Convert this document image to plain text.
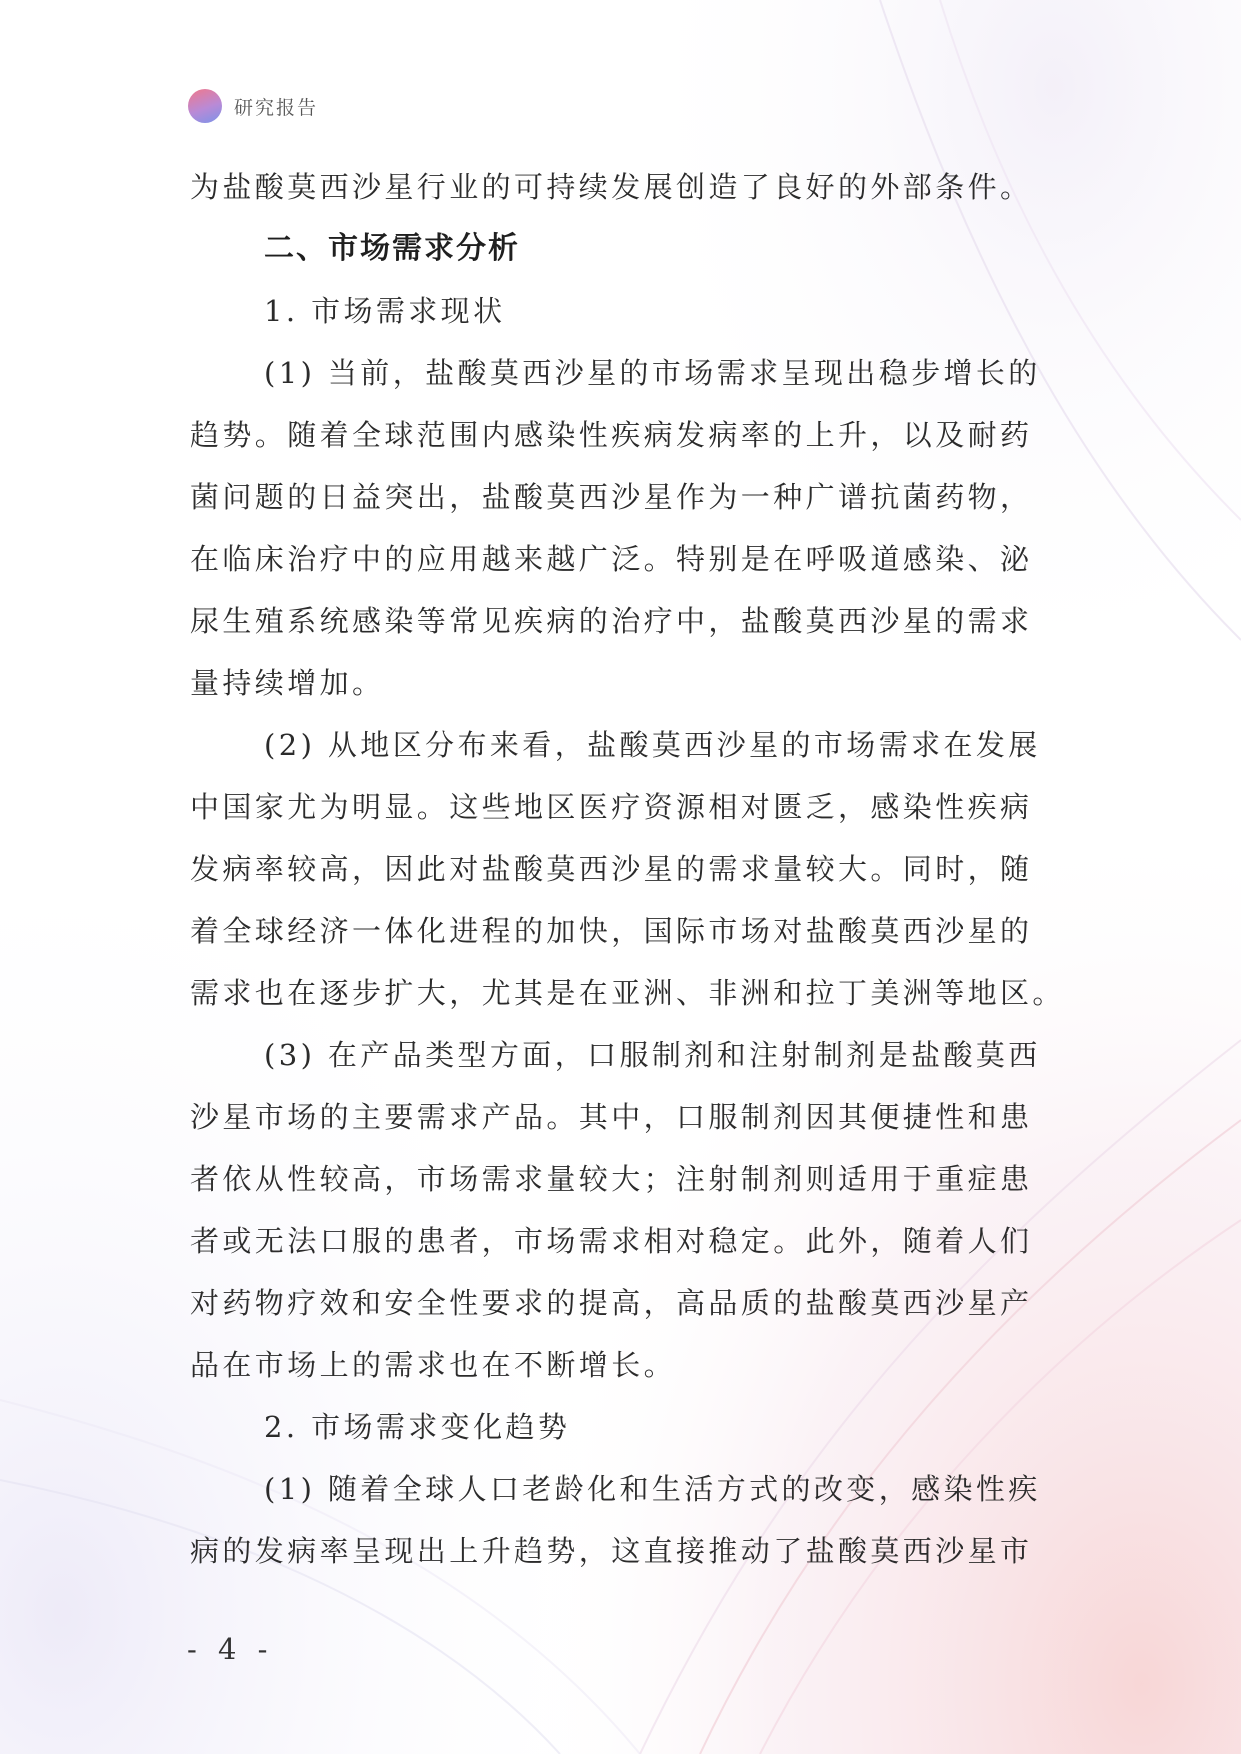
研究报告
为盐酸莫西沙星行业的可持续发展创造了良好的外部条件。
二、市场需求分析
1. 市场需求现状
(1) 当前，盐酸莫西沙星的市场需求呈现出稳步增长的
趋势。随着全球范围内感染性疾病发病率的上升，以及耐药
菌问题的日益突出，盐酸莫西沙星作为一种广谱抗菌药物，
在临床治疗中的应用越来越广泛。特别是在呼吸道感染、泌
尿生殖系统感染等常见疾病的治疗中，盐酸莫西沙星的需求
量持续增加。
(2) 从地区分布来看，盐酸莫西沙星的市场需求在发展
中国家尤为明显。这些地区医疗资源相对匮乏，感染性疾病
发病率较高，因此对盐酸莫西沙星的需求量较大。同时，随
着全球经济一体化进程的加快，国际市场对盐酸莫西沙星的
需求也在逐步扩大，尤其是在亚洲、非洲和拉丁美洲等地区。
(3) 在产品类型方面，口服制剂和注射制剂是盐酸莫西
沙星市场的主要需求产品。其中，口服制剂因其便捷性和患
者依从性较高，市场需求量较大；注射制剂则适用于重症患
者或无法口服的患者，市场需求相对稳定。此外，随着人们
对药物疗效和安全性要求的提高，高品质的盐酸莫西沙星产
品在市场上的需求也在不断增长。
2. 市场需求变化趋势
(1) 随着全球人口老龄化和生活方式的改变，感染性疾
病的发病率呈现出上升趋势，这直接推动了盐酸莫西沙星市
- 4 -
